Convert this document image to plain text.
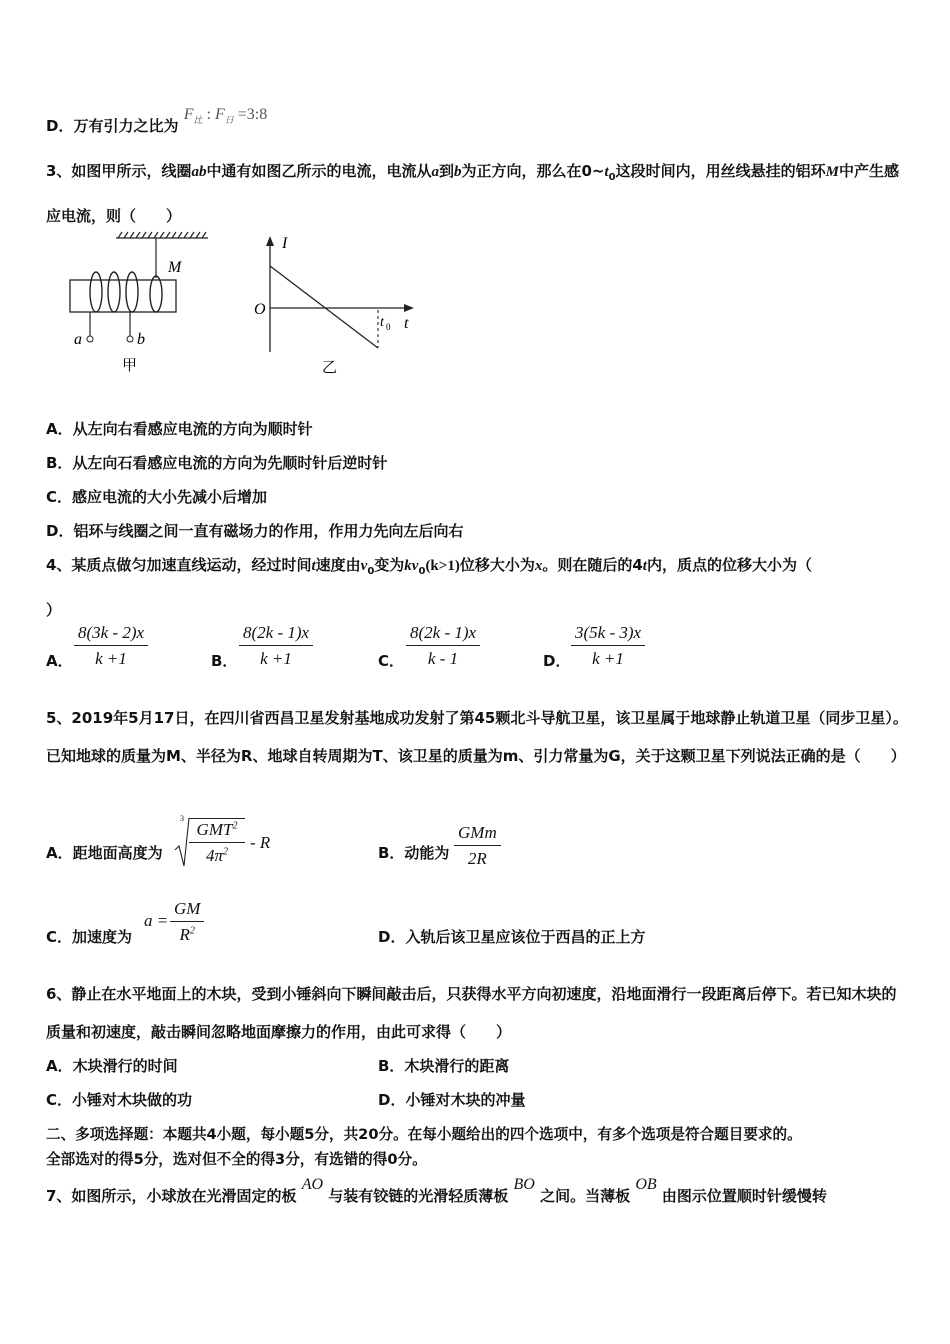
D．万有引力之比为 $F_比$ : $F_日$ =3:8
3、如图甲所示，线圈ab中通有如图乙所示的电流，电流从a到b为正方向，那么在$0\sim t_0$这段时间内，用丝线悬挂的铝环M中产生感应电流，则（　　）
M
a	b
甲
I
O
t 0 t
乙
A．从左向右看感应电流的方向为顺时针
B．从左向石看感应电流的方向为先顺时针后逆时针
C．感应电流的大小先减小后增加
D．铝环与线圈之间一直有磁场力的作用，作用力先向左后向右
4、某质点做匀加速直线运动，经过时间t速度由$v_0$变为$kv_0(k>1)$位移大小为x。则在随后的4t内，质点的位移大小为（
）
A． $\frac{8(3k - 2)x}{k +1}$	B． $\frac{8(2k - 1)x}{k +1}$	C． $\frac{8(2k - 1)x}{k - 1}$	D． $\frac{3(5k - 3)x}{k +1}$
5、2019年5月17日，在四川省西昌卫星发射基地成功发射了第45颗北斗导航卫星，该卫星属于地球静止轨道卫星（同步卫星）。已知地球的质量为M、半径为R、地球自转周期为T、该卫星的质量为m、引力常量为G，关于这颗卫星下列说法正确的是（　　）
A．距地面高度为
3
GMT$^2$
$4\pi^2$	- R
B．动能为
GMm
2R
C．加速度为
$a = \frac{GM}{R^2}$	D．入轨后该卫星应该位于西昌的正上方
6、静止在水平地面上的木块，受到小锤斜向下瞬间敲击后，只获得水平方向初速度，沿地面滑行一段距离后停下。若已知木块的质量和初速度，敲击瞬间忽略地面摩擦力的作用，由此可求得（　　）
A．木块滑行的时间	B．木块滑行的距离
C．小锤对木块做的功	D．小锤对木块的冲量
二、多项选择题：本题共4小题，每小题5分，共20分。在每小题给出的四个选项中，有多个选项是符合题目要求的。
全部选对的得5分，选对但不全的得3分，有选错的得0分。
7、如图所示，小球放在光滑固定的板 AO 与装有铰链的光滑轻质薄板 BO 之间。当薄板 OB 由图示位置顺时针缓慢转
